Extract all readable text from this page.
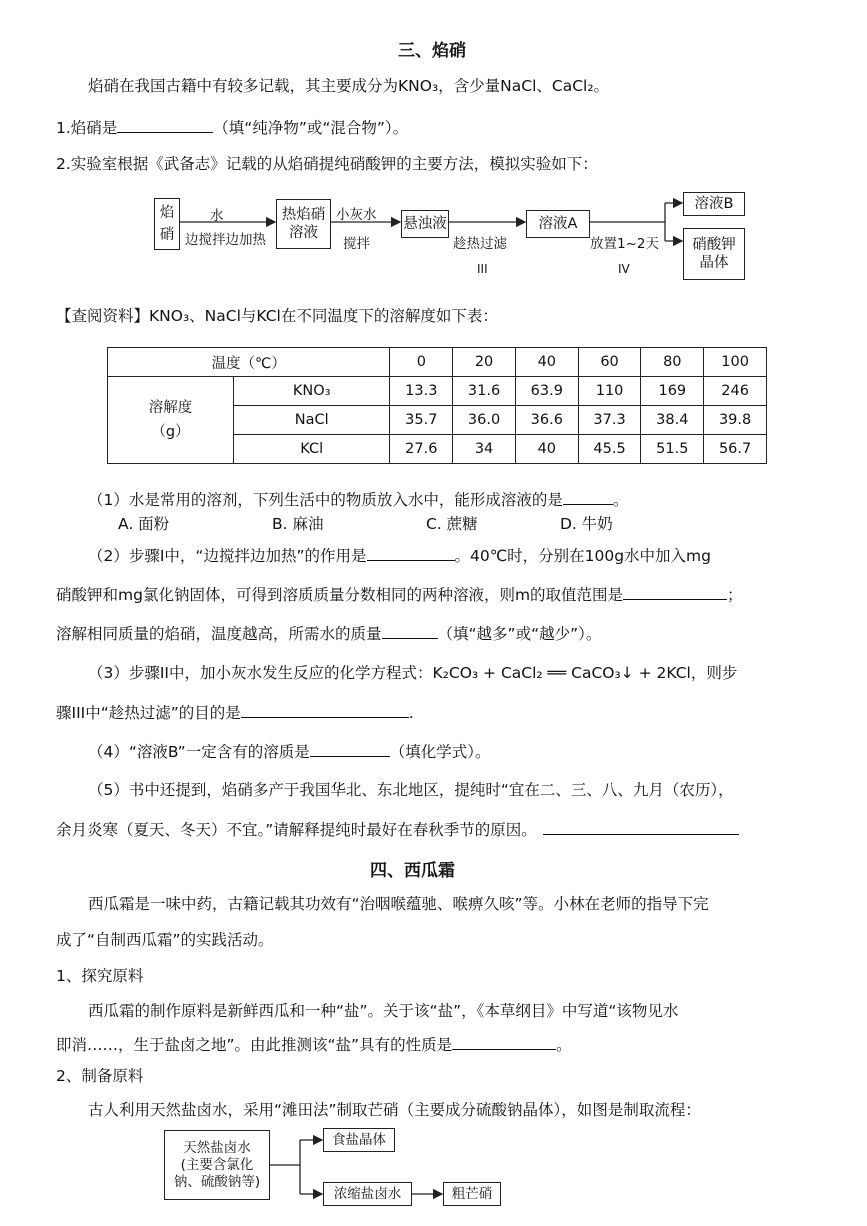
三、焰硝
焰硝在我国古籍中有较多记载，其主要成分为KNO₃，含少量NaCl、CaCl₂。
1.焰硝是	（填“纯净物”或“混合物”）。
2.实验室根据《武备志》记载的从焰硝提纯硝酸钾的主要方法，模拟实验如下：
焰硝
水
边搅拌边加热
热焰硝溶液
小灰水
搅拌
悬浊液
趁热过滤
III
溶液A
放置1~2天
IV
溶液B
硝酸钾晶体
【查阅资料】KNO₃、NaCl与KCl在不同温度下的溶解度如下表：
温度（℃）		0	20	40	60	80	100

溶解度
（g）	KNO₃	13.3	31.6	63.9	110	169	246
	NaCl	35.7	36.0	36.6	37.3	38.4	39.8
	KCl	27.6	34	40	45.5	51.5	56.7
（1）水是常用的溶剂，下列生活中的物质放入水中，能形成溶液的是	。
A. 面粉	B. 麻油	C. 蔗糖	D. 牛奶
（2）步骤Ⅰ中，“边搅拌边加热”的作用是	。40℃时，分别在100g水中加入mg
硝酸钾和mg氯化钠固体，可得到溶质质量分数相同的两种溶液，则m的取值范围是	；
溶解相同质量的焰硝，温度越高，所需水的质量	（填“越多”或“越少”）。
（3）步骤II中，加小灰水发生反应的化学方程式：K₂CO₃ + CaCl₂ ══ CaCO₃↓ + 2KCl，则步
骤III中“趁热过滤”的目的是	.
（4）“溶液B”一定含有的溶质是	（填化学式）。
（5）书中还提到，焰硝多产于我国华北、东北地区，提纯时“宜在二、三、八、九月（农历），
余月炎寒（夏天、冬天）不宜。”请解释提纯时最好在春秋季节的原因。
四、西瓜霜
西瓜霜是一味中药，古籍记载其功效有“治咽喉蕴驰、喉痹久咳”等。小林在老师的指导下完
成了“自制西瓜霜”的实践活动。
1、探究原料
西瓜霜的制作原料是新鲜西瓜和一种“盐”。关于该“盐”，《本草纲目》中写道“该物见水
即消……，生于盐卤之地”。由此推测该“盐”具有的性质是	。
2、制备原料
古人利用天然盐卤水，采用“滩田法”制取芒硝（主要成分硫酸钠晶体），如图是制取流程：
天然盐卤水
(主要含氯化
钠、硫酸钠等)
食盐晶体
浓缩盐卤水	粗芒硝
